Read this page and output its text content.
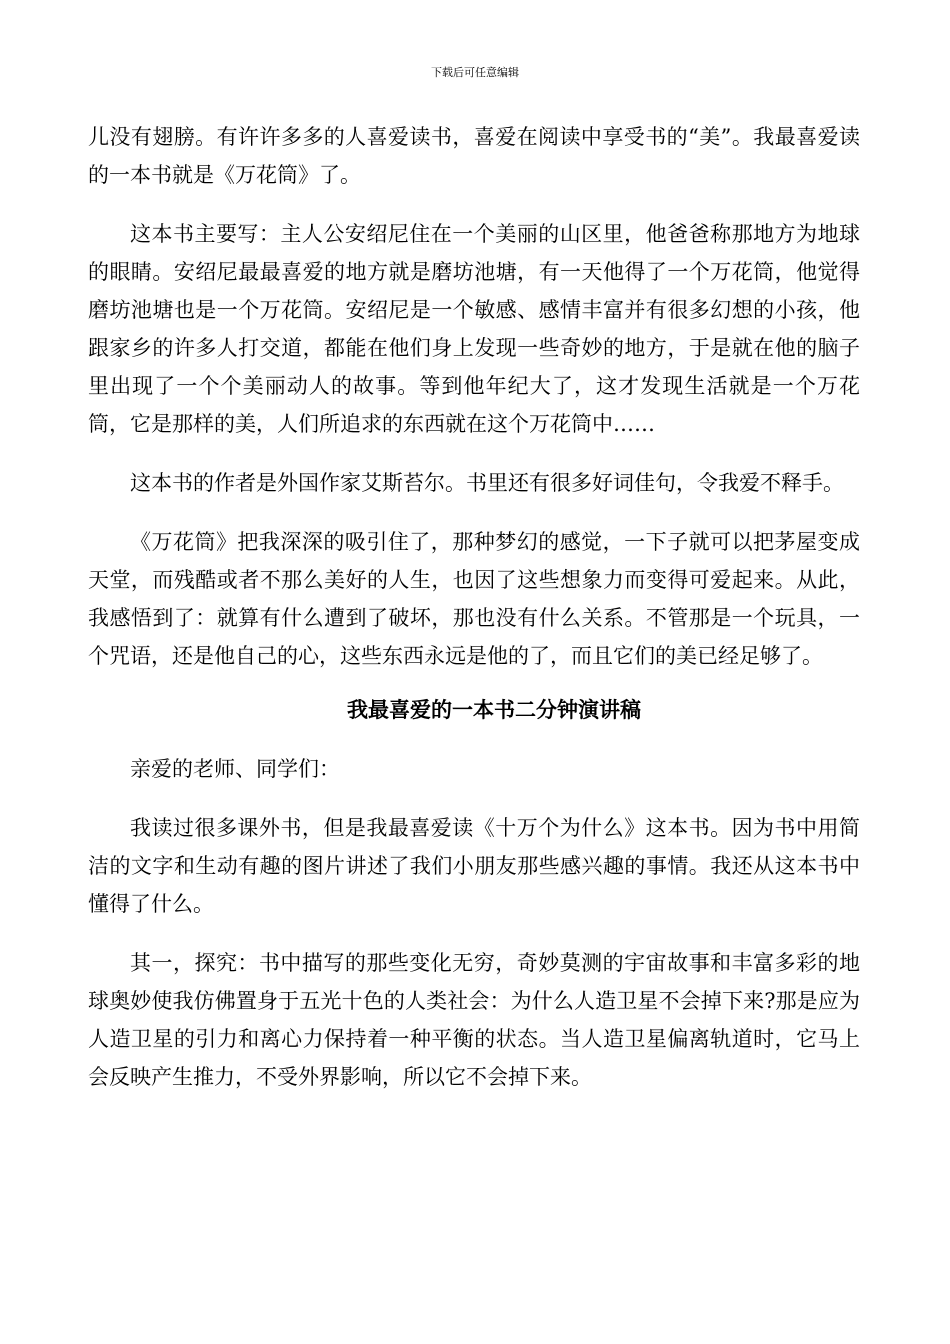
下载后可任意编辑

儿没有翅膀。有许许多多的人喜爱读书，喜爱在阅读中享受书的“美”。我最喜爱读的一本书就是《万花筒》了。

这本书主要写：主人公安绍尼住在一个美丽的山区里，他爸爸称那地方为地球的眼睛。安绍尼最最喜爱的地方就是磨坊池塘，有一天他得了一个万花筒，他觉得磨坊池塘也是一个万花筒。安绍尼是一个敏感、感情丰富并有很多幻想的小孩，他跟家乡的许多人打交道，都能在他们身上发现一些奇妙的地方，于是就在他的脑子里出现了一个个美丽动人的故事。等到他年纪大了，这才发现生活就是一个万花筒，它是那样的美，人们所追求的东西就在这个万花筒中……

这本书的作者是外国作家艾斯苔尔。书里还有很多好词佳句，令我爱不释手。

《万花筒》把我深深的吸引住了，那种梦幻的感觉，一下子就可以把茅屋变成天堂，而残酷或者不那么美好的人生，也因了这些想象力而变得可爱起来。从此，我感悟到了：就算有什么遭到了破坏，那也没有什么关系。不管那是一个玩具，一个咒语，还是他自己的心，这些东西永远是他的了，而且它们的美已经足够了。

我最喜爱的一本书二分钟演讲稿

亲爱的老师、同学们：

我读过很多课外书，但是我最喜爱读《十万个为什么》这本书。因为书中用简洁的文字和生动有趣的图片讲述了我们小朋友那些感兴趣的事情。我还从这本书中懂得了什么。

其一，探究：书中描写的那些变化无穷，奇妙莫测的宇宙故事和丰富多彩的地球奥妙使我仿佛置身于五光十色的人类社会：为什么人造卫星不会掉下来?那是应为人造卫星的引力和离心力保持着一种平衡的状态。当人造卫星偏离轨道时，它马上会反映产生推力，不受外界影响，所以它不会掉下来。
